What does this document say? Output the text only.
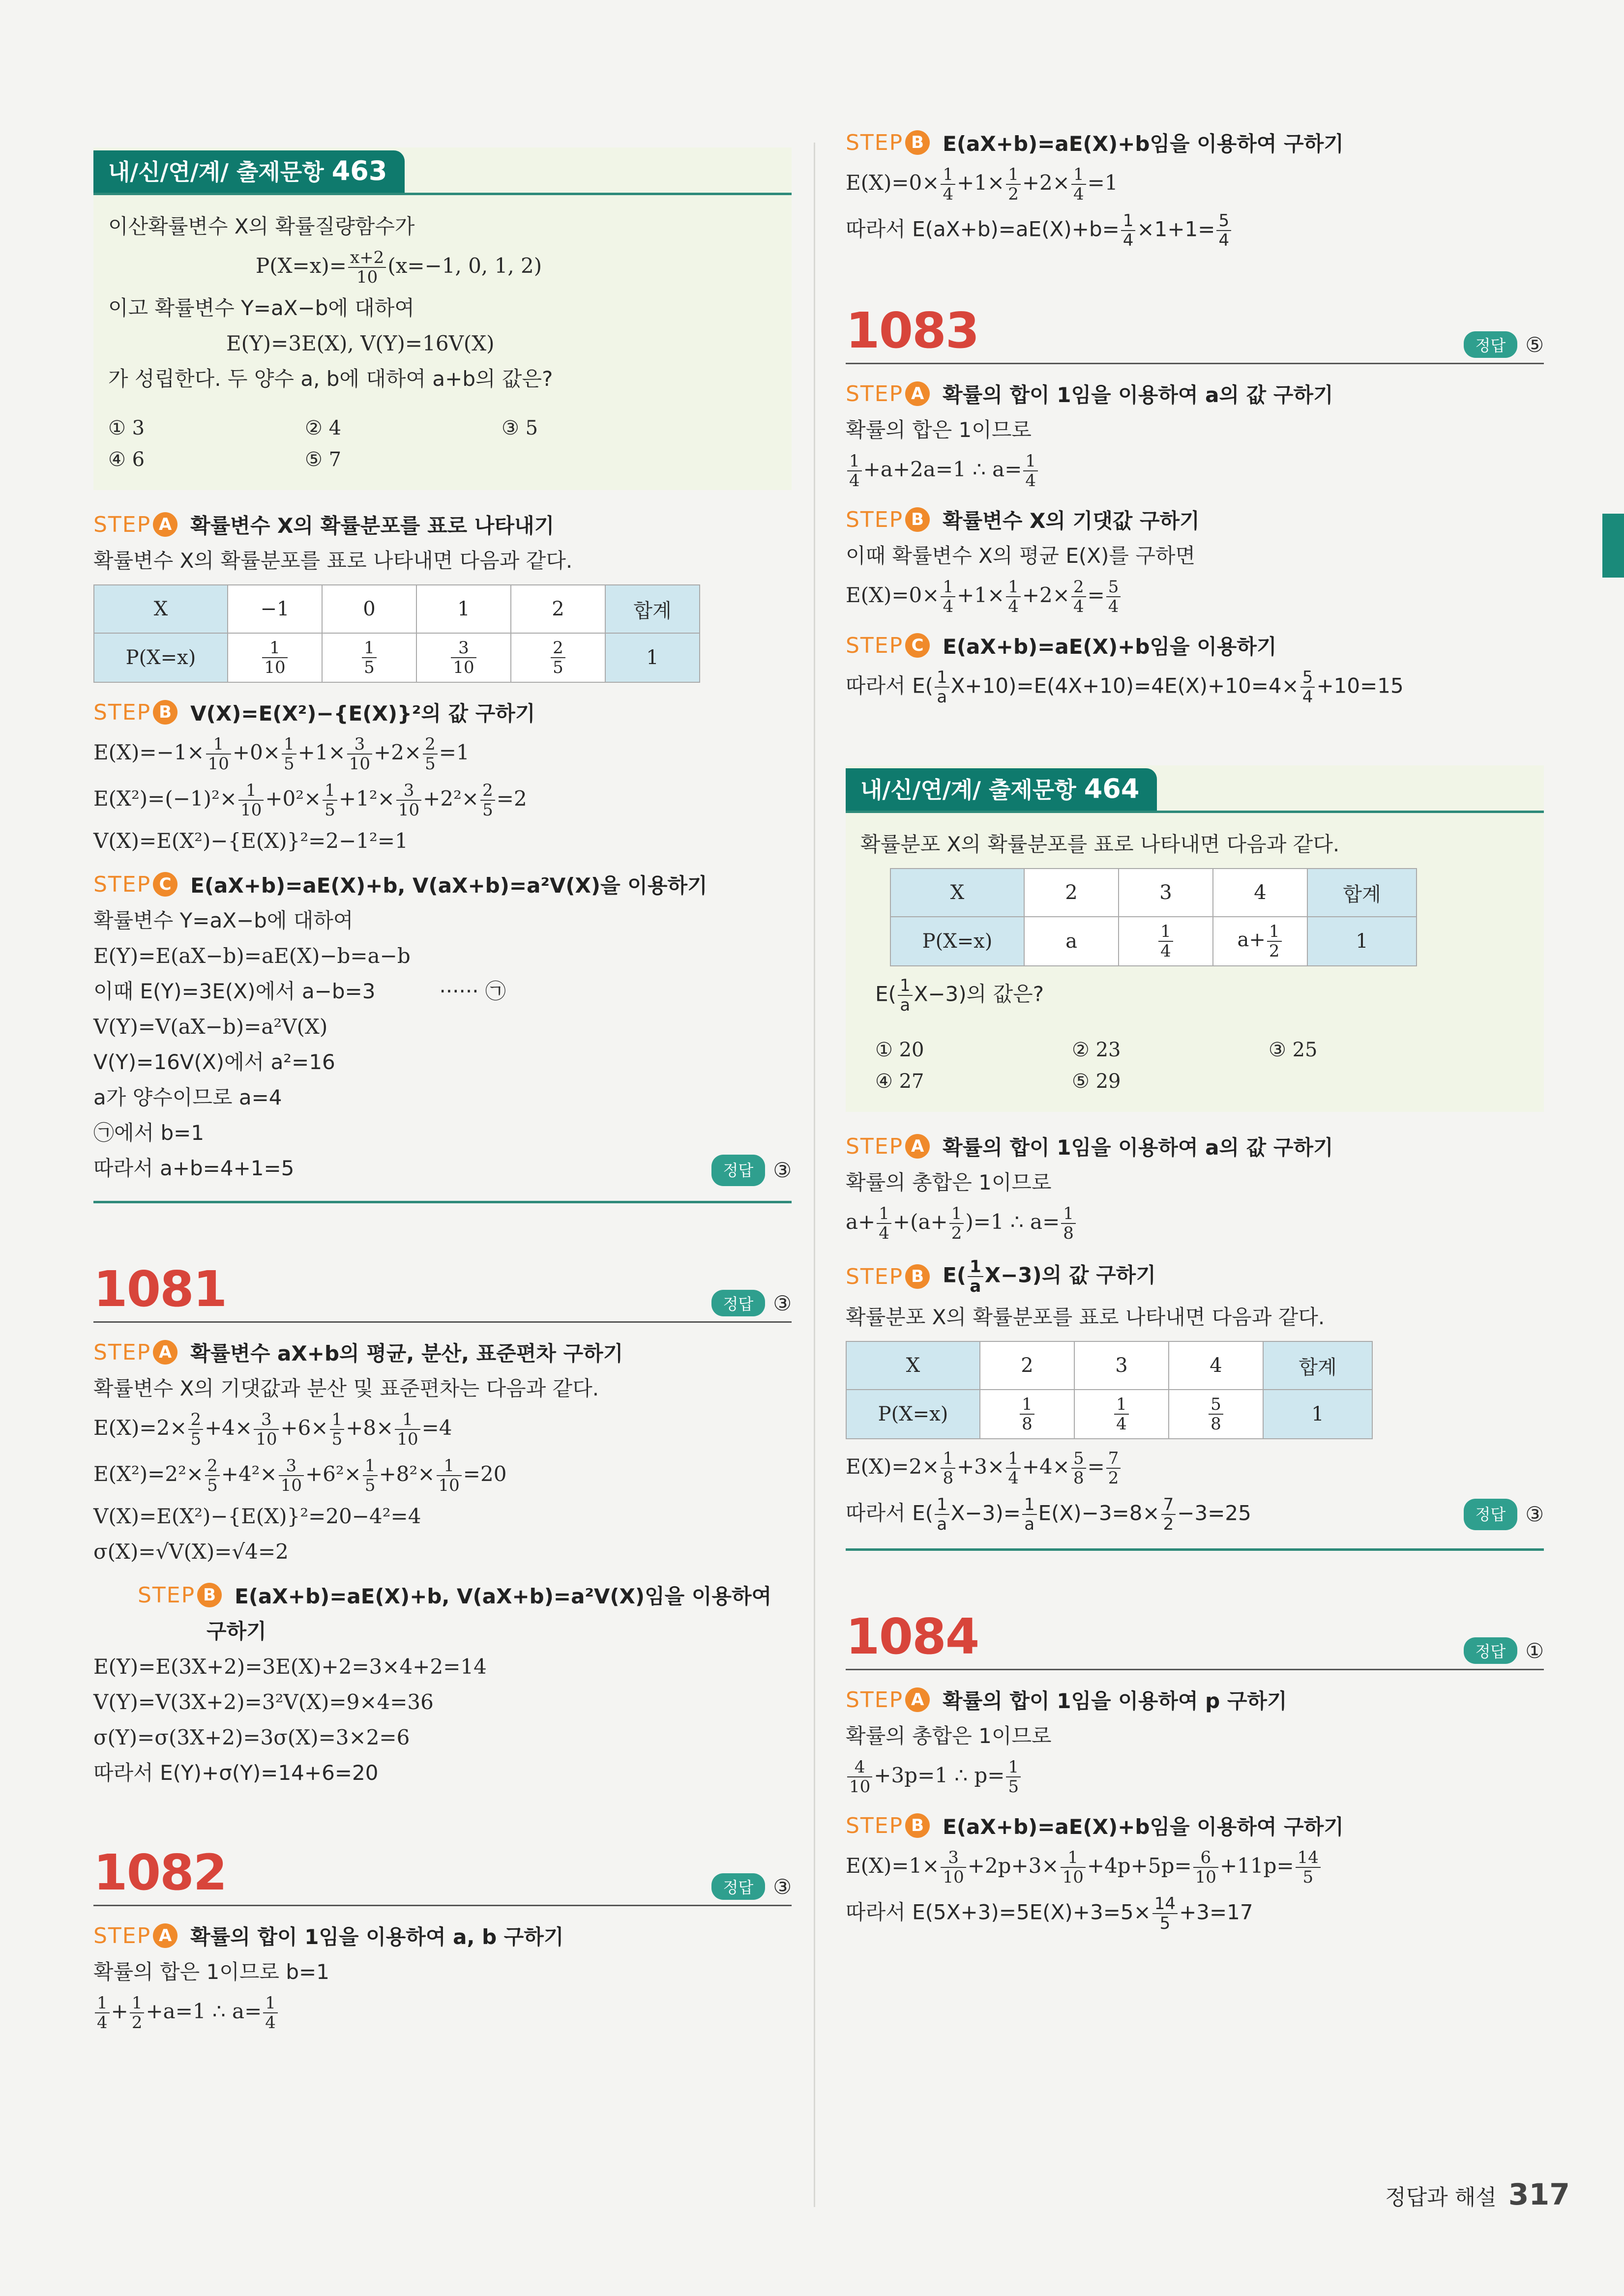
내/신/연/계/ 출제문항 463
이산확률변수 X의 확률질량함수가
$P(X=x)= \frac{x+2}{10} (x=-1$, 0, 1, 2)
이고 확률변수 Y=aX−b에 대하여
E(Y)=3E(X), V(Y)=16V(X)
가 성립한다. 두 양수 a, b에 대하여 a+b의 값은?
① 3	② 4	③ 5
④ 6	⑤ 7
STEP A 확률변수 X의 확률분포를 표로 나타내기
확률변수 X의 확률분포를 표로 나타내면 다음과 같다.
X	−1	0	1	2	합계
P(X=x)	$\frac{1}{10}$	$\frac{1}{5}$	$\frac{3}{10}$	$\frac{2}{5}$	1
STEP B V(X)=E(X²)−{E(X)}²의 값 구하기
$E(X)=-1\times \frac{1}{10} +0\times \frac{1}{5} +1\times \frac{3}{10} +2\times \frac{2}{5} =1$
$E(X^2)=(-1)^2\times \frac{1}{10} +0^2\times \frac{1}{5} +1^2\times \frac{3}{10} +2^2\times \frac{2}{5} =2$
V(X)=E(X²)−{E(X)}²=2−1²=1
STEP C E(aX+b)=aE(X)+b, V(aX+b)=a²V(X)을 이용하기
확률변수 Y=aX−b에 대하여
E(Y)=E(aX−b)=aE(X)−b=a−b
이때 E(Y)=3E(X)에서 a−b=3	······ ㉠
V(Y)=V(aX−b)=a²V(X)
V(Y)=16V(X)에서 a²=16
a가 양수이므로 a=4
㉠에서 b=1
따라서 a+b=4+1=5	정답 ③
1081	정답 ③
STEP A 확률변수 aX+b의 평균, 분산, 표준편차 구하기
확률변수 X의 기댓값과 분산 및 표준편차는 다음과 같다.
$E(X)=2\times \frac{2}{5} +4\times \frac{3}{10} +6\times \frac{1}{5} +8\times \frac{1}{10} =4$
$E(X^2)=2^2\times \frac{2}{5} +4^2\times \frac{3}{10} +6^2\times \frac{1}{5} +8^2\times \frac{1}{10} =20$
V(X)=E(X²)−{E(X)}²=20−4²=4
σ(X)=√V(X)=√4=2
STEP B E(aX+b)=aE(X)+b, V(aX+b)=a²V(X)임을 이용하여
구하기
E(Y)=E(3X+2)=3E(X)+2=3×4+2=14
V(Y)=V(3X+2)=3²V(X)=9×4=36
σ(Y)=σ(3X+2)=3σ(X)=3×2=6
따라서 E(Y)+σ(Y)=14+6=20
1082	정답 ③
STEP A 확률의 합이 1임을 이용하여 a, b 구하기
확률의 합은 1이므로 b=1
$\frac{1}{4} + \frac{1}{2} +a=1$ ∴ $a= \frac{1}{4}$
STEP B E(aX+b)=aE(X)+b임을 이용하여 구하기
$E(X)=0\times \frac{1}{4} +1\times \frac{1}{2} +2\times \frac{1}{4} =1$
따라서 $E(aX+b)=aE(X)+b= \frac{1}{4} \times 1+1= \frac{5}{4}$
1083	정답 ⑤
STEP A 확률의 합이 1임을 이용하여 a의 값 구하기
확률의 합은 1이므로
$\frac{1}{4} +a+2a=1$ ∴ $a= \frac{1}{4}$
STEP B 확률변수 X의 기댓값 구하기
이때 확률변수 X의 평균 E(X)를 구하면
$E(X)=0\times \frac{1}{4} +1\times \frac{1}{4} +2\times \frac{2}{4} = \frac{5}{4}$
STEP C E(aX+b)=aE(X)+b임을 이용하기
따라서 $E( \frac{1}{a} X+10)=E(4X+10)=4E(X)+10=4\times \frac{5}{4} +10=15$
내/신/연/계/ 출제문항 464
확률분포 X의 확률분포를 표로 나타내면 다음과 같다.
X	2	3	4	합계
P(X=x)	a	$\frac{1}{4}$	$a+ \frac{1}{2}$	1
$E( \frac{1}{a} X-3)$의 값은?
① 20	② 23	③ 25
④ 27	⑤ 29
STEP A 확률의 합이 1임을 이용하여 a의 값 구하기
확률의 총합은 1이므로
$a+ \frac{1}{4} +(a+ \frac{1}{2} )=1$ ∴ $a= \frac{1}{8}$
STEP B $E( \frac{1}{a} X-3)$의 값 구하기
확률분포 X의 확률분포를 표로 나타내면 다음과 같다.
X	2	3	4	합계
P(X=x)	$\frac{1}{8}$	$\frac{1}{4}$	$\frac{5}{8}$	1
$E(X)=2\times \frac{1}{8} +3\times \frac{1}{4} +4\times \frac{5}{8} = \frac{7}{2}$
따라서 $E( \frac{1}{a} X-3)= \frac{1}{a} E(X)-3=8\times \frac{7}{2} -3=25$	정답 ③
1084	정답 ①
STEP A 확률의 합이 1임을 이용하여 p 구하기
확률의 총합은 1이므로
$\frac{4}{10} +3p=1$ ∴ $p= \frac{1}{5}$
STEP B E(aX+b)=aE(X)+b임을 이용하여 구하기
$E(X)=1\times \frac{3}{10} +2p+3\times \frac{1}{10} +4p+5p= \frac{6}{10} +11p= \frac{14}{5}$
따라서 $E(5X+3)=5E(X)+3=5\times \frac{14}{5} +3=17$
정답과 해설 317
